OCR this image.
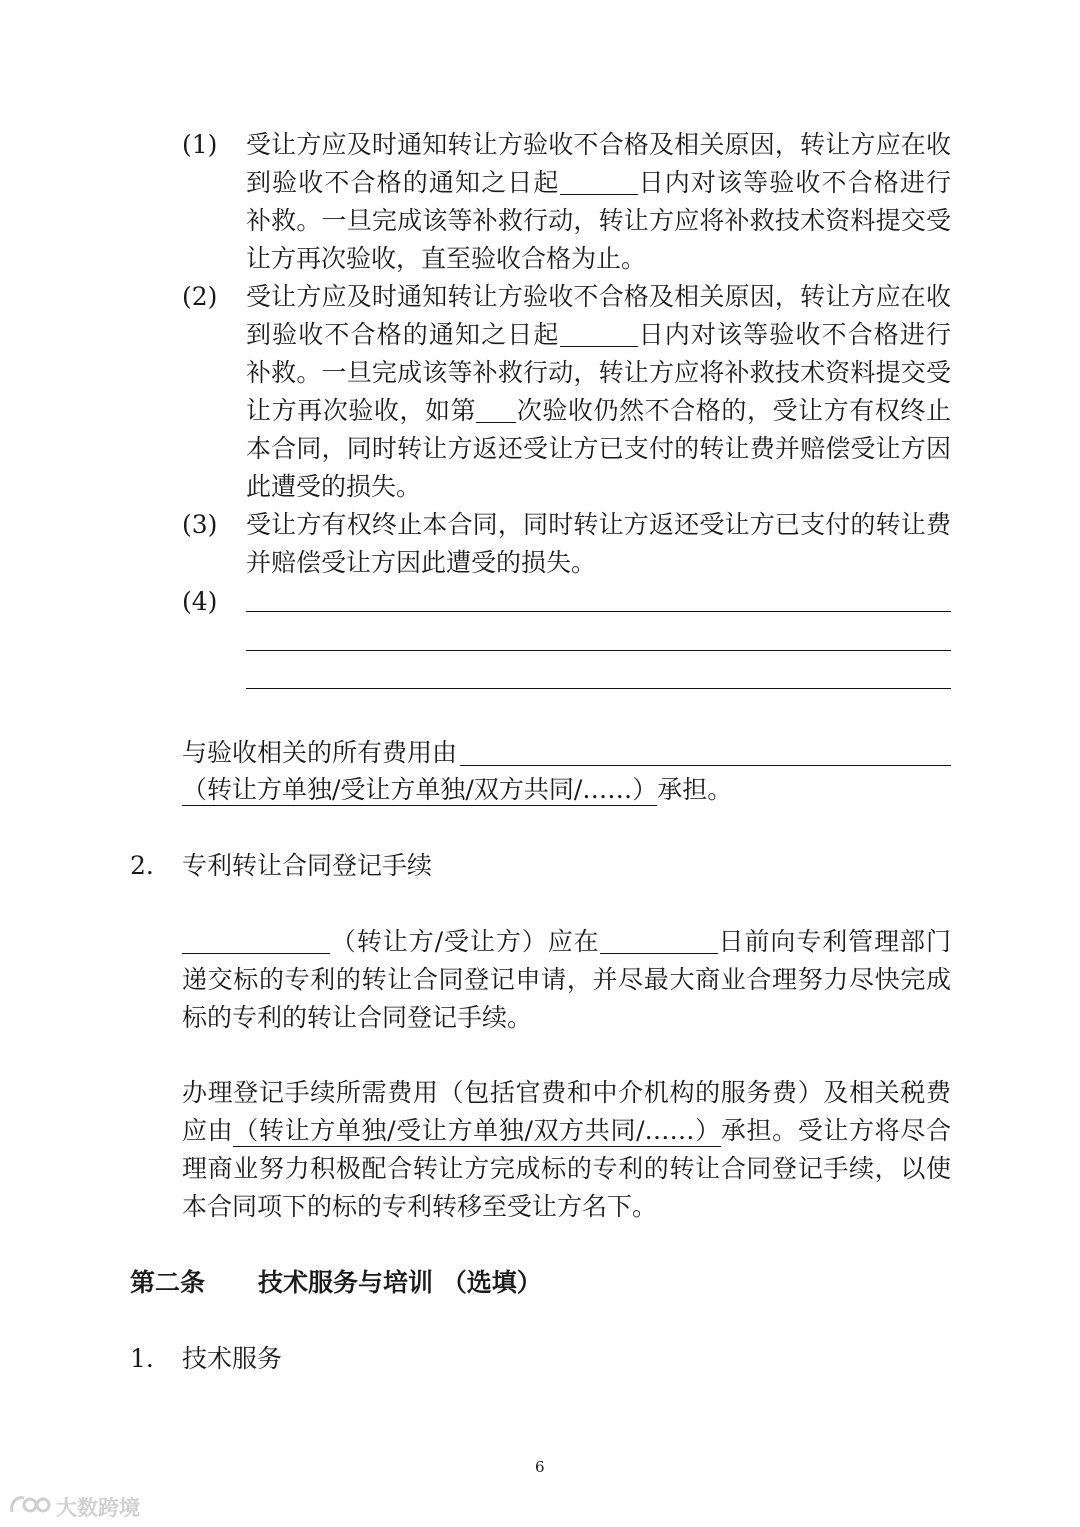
(1) 受让方应及时通知转让方验收不合格及相关原因，转让方应在收
到验收不合格的通知之日起	日内对该等验收不合格进行
补救。一旦完成该等补救行动，转让方应将补救技术资料提交受
让方再次验收，直至验收合格为止。
(2) 受让方应及时通知转让方验收不合格及相关原因，转让方应在收
到验收不合格的通知之日起	日内对该等验收不合格进行
补救。一旦完成该等补救行动，转让方应将补救技术资料提交受
让方再次验收，如第 次验收仍然不合格的，受让方有权终止
本合同，同时转让方返还受让方已支付的转让费并赔偿受让方因
此遭受的损失。
(3) 受让方有权终止本合同，同时转让方返还受让方已支付的转让费
并赔偿受让方因此遭受的损失。
(4)
与验收相关的所有费用由
（转让方单独/受让方单独/双方共同/……）承担。
2. 专利转让合同登记手续
（转让方/受让方）应在	日前向专利管理部门
递交标的专利的转让合同登记申请，并尽最大商业合理努力尽快完成
标的专利的转让合同登记手续。
办理登记手续所需费用（包括官费和中介机构的服务费）及相关税费
应由（转让方单独/受让方单独/双方共同/……）承担。受让方将尽合
理商业努力积极配合转让方完成标的专利的转让合同登记手续，以使
本合同项下的标的专利转移至受让方名下。
第二条 技术服务与培训 （选填）
1. 技术服务
6
大数跨境
